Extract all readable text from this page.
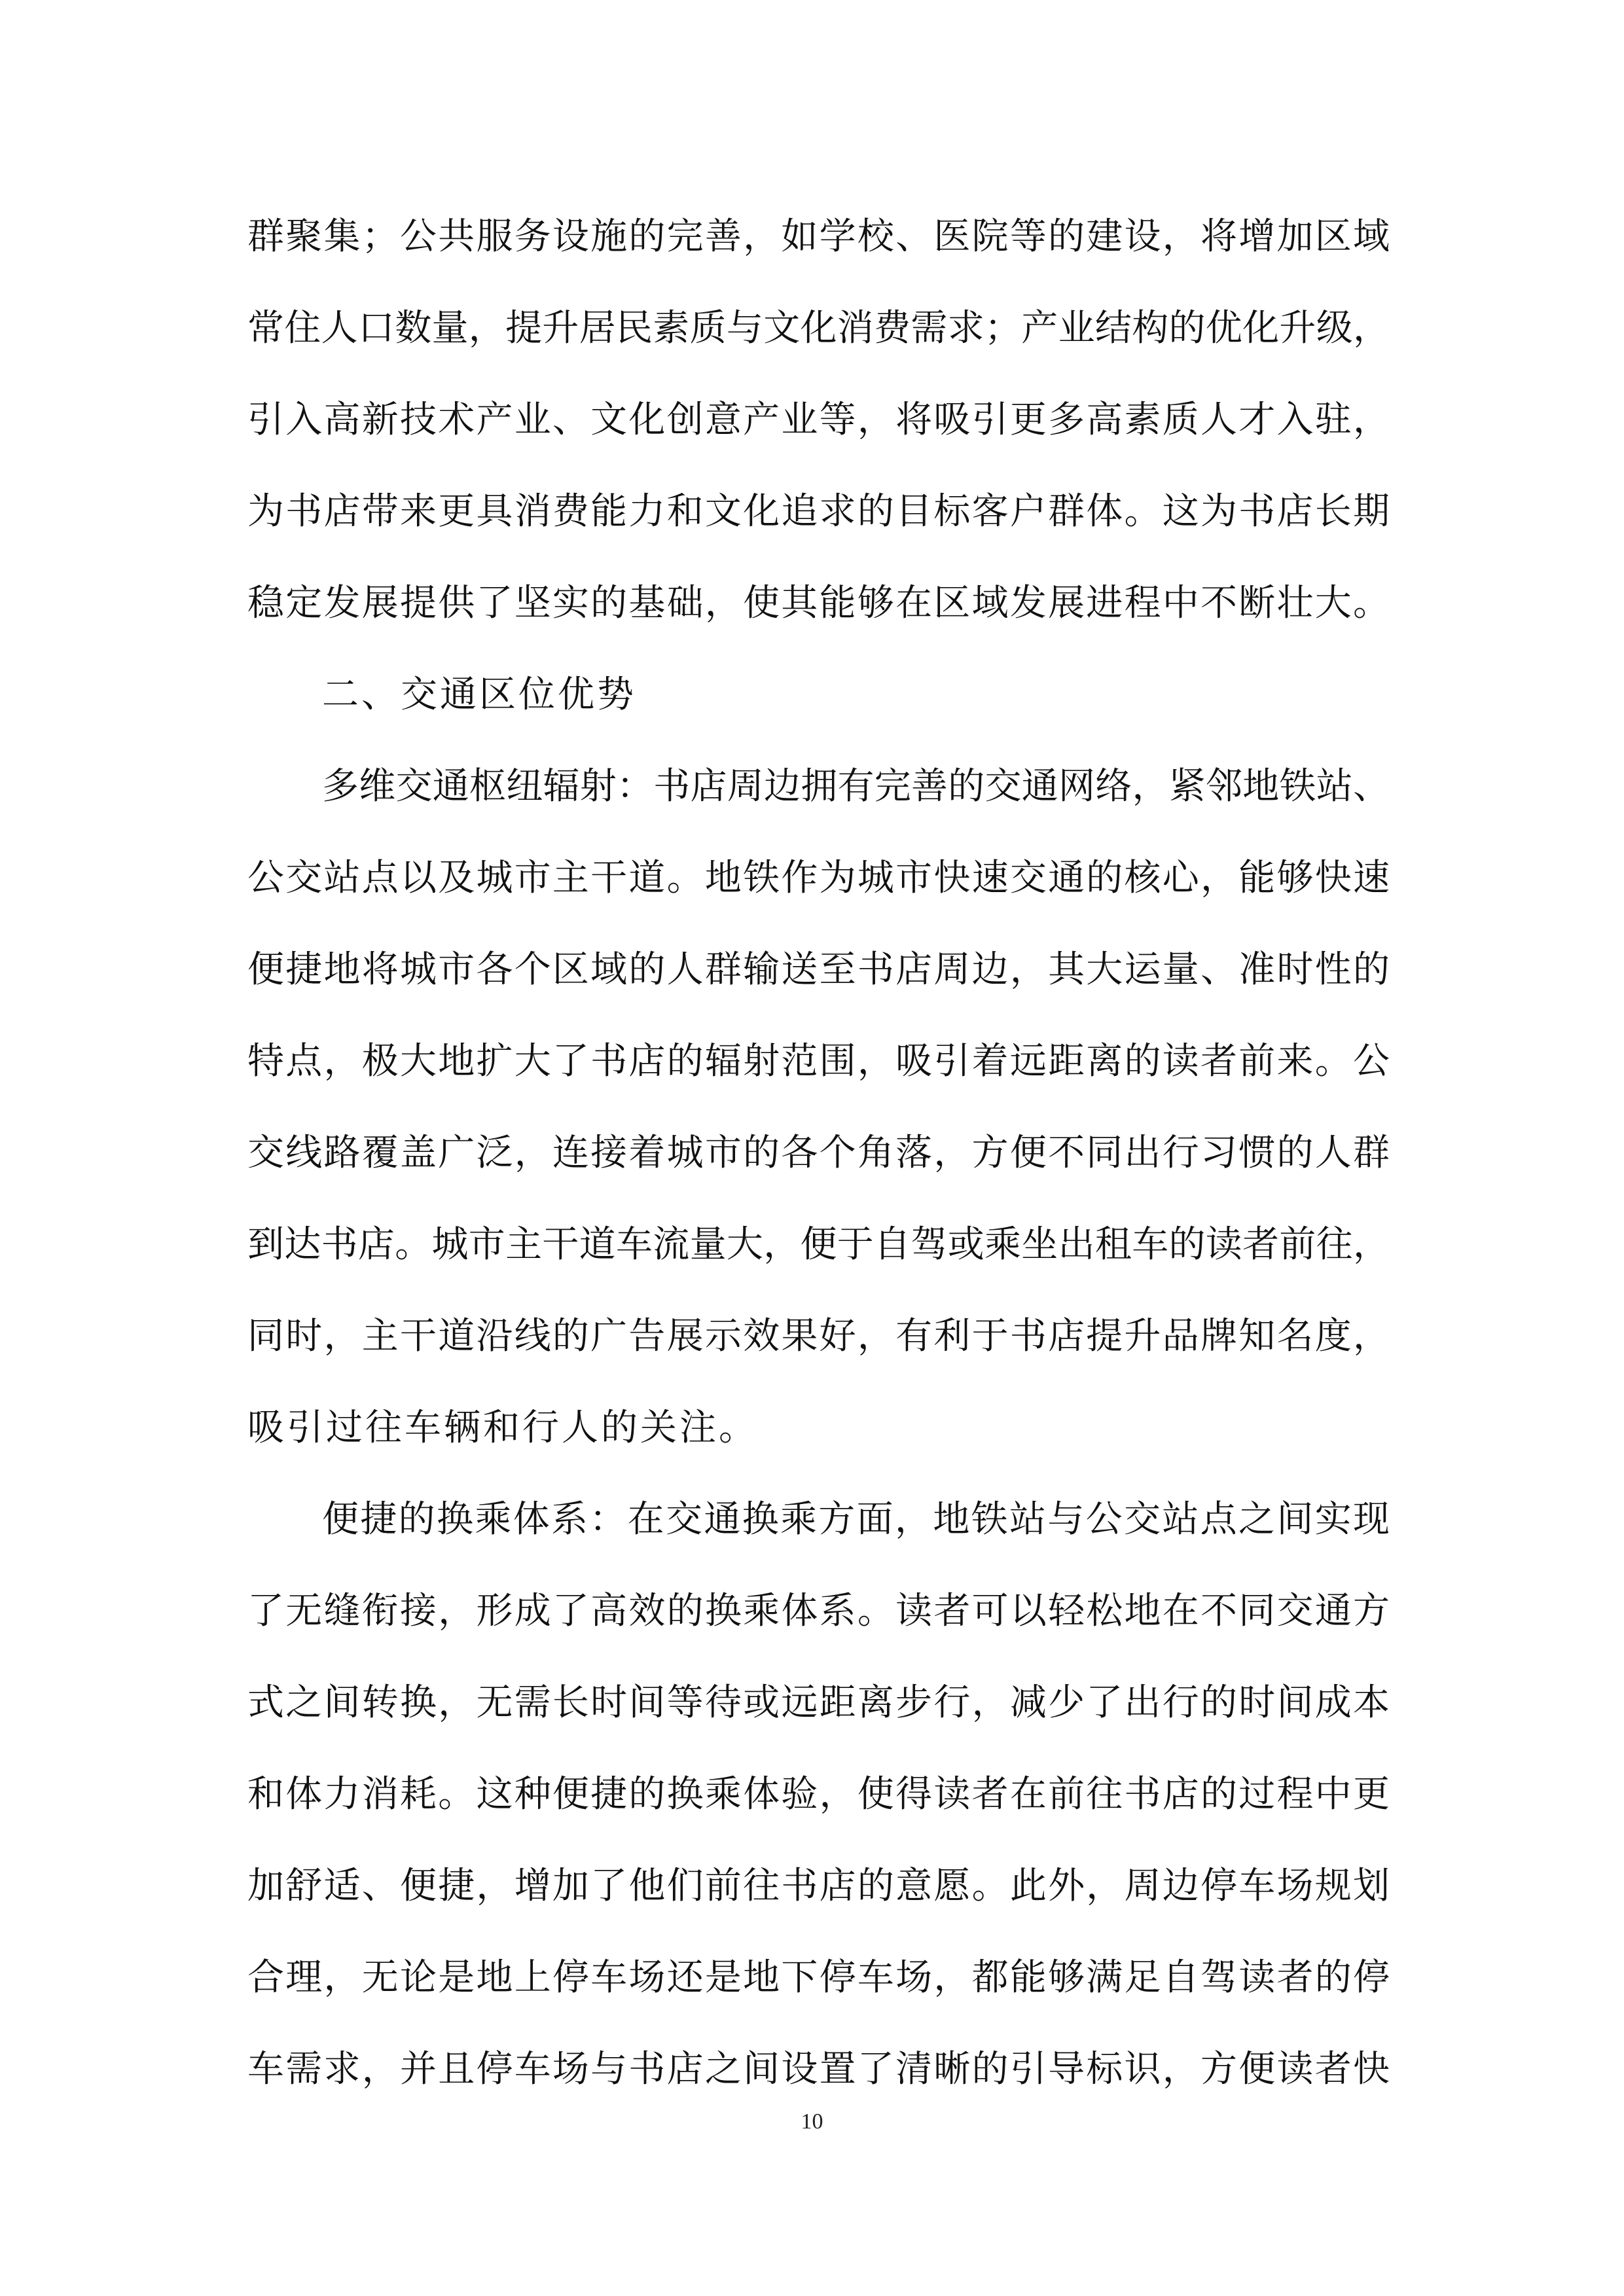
群聚集；公共服务设施的完善，如学校、医院等的建设，将增加区域
常住人口数量，提升居民素质与文化消费需求；产业结构的优化升级，
引入高新技术产业、文化创意产业等，将吸引更多高素质人才入驻，
为书店带来更具消费能力和文化追求的目标客户群体。这为书店长期
稳定发展提供了坚实的基础，使其能够在区域发展进程中不断壮大。
二、交通区位优势
多维交通枢纽辐射：书店周边拥有完善的交通网络，紧邻地铁站、
公交站点以及城市主干道。地铁作为城市快速交通的核心，能够快速
便捷地将城市各个区域的人群输送至书店周边，其大运量、准时性的
特点，极大地扩大了书店的辐射范围，吸引着远距离的读者前来。公
交线路覆盖广泛，连接着城市的各个角落，方便不同出行习惯的人群
到达书店。城市主干道车流量大，便于自驾或乘坐出租车的读者前往，
同时，主干道沿线的广告展示效果好，有利于书店提升品牌知名度，
吸引过往车辆和行人的关注。
便捷的换乘体系：在交通换乘方面，地铁站与公交站点之间实现
了无缝衔接，形成了高效的换乘体系。读者可以轻松地在不同交通方
式之间转换，无需长时间等待或远距离步行，减少了出行的时间成本
和体力消耗。这种便捷的换乘体验，使得读者在前往书店的过程中更
加舒适、便捷，增加了他们前往书店的意愿。此外，周边停车场规划
合理，无论是地上停车场还是地下停车场，都能够满足自驾读者的停
车需求，并且停车场与书店之间设置了清晰的引导标识，方便读者快
10
